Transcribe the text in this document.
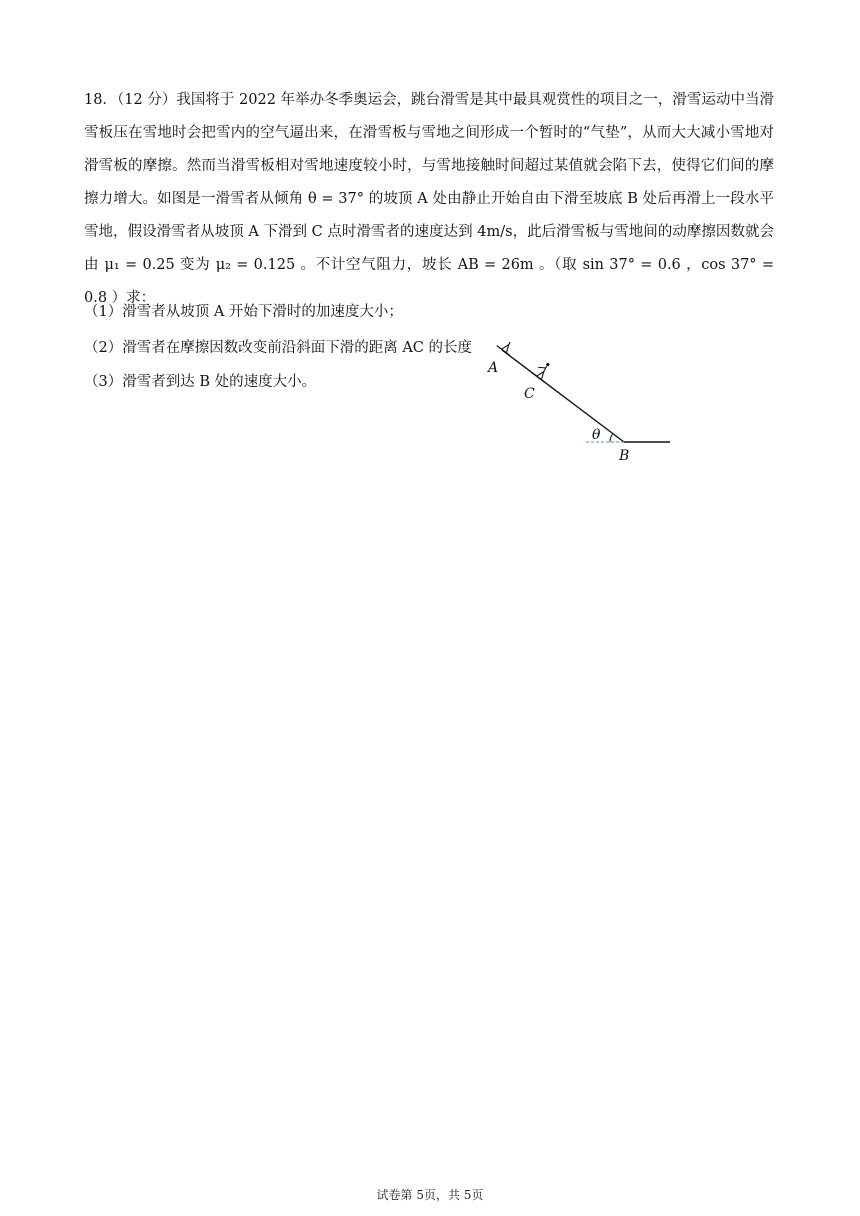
18．（12 分）我国将于 2022 年举办冬季奥运会，跳台滑雪是其中最具观赏性的项目之一，滑雪运动中当滑雪板压在雪地时会把雪内的空气逼出来，在滑雪板与雪地之间形成一个暂时的“气垫”，从而大大减小雪地对滑雪板的摩擦。然而当滑雪板相对雪地速度较小时，与雪地接触时间超过某值就会陷下去，使得它们间的摩擦力增大。如图是一滑雪者从倾角 θ = 37° 的坡顶 A 处由静止开始自由下滑至坡底 B 处后再滑上一段水平雪地，假设滑雪者从坡顶 A 下滑到 C 点时滑雪者的速度达到 4m/s，此后滑雪板与雪地间的动摩擦因数就会由 μ₁ = 0.25 变为 μ₂ = 0.125 。不计空气阻力，坡长 AB = 26m 。（取 sin 37° = 0.6 ，cos 37° = 0.8 ）求：

（1）滑雪者从坡顶 A 开始下滑时的加速度大小；
（2）滑雪者在摩擦因数改变前沿斜面下滑的距离 AC 的长度
（3）滑雪者到达 B 处的速度大小。
A
C
θ
B
试卷第 5页，共 5页
